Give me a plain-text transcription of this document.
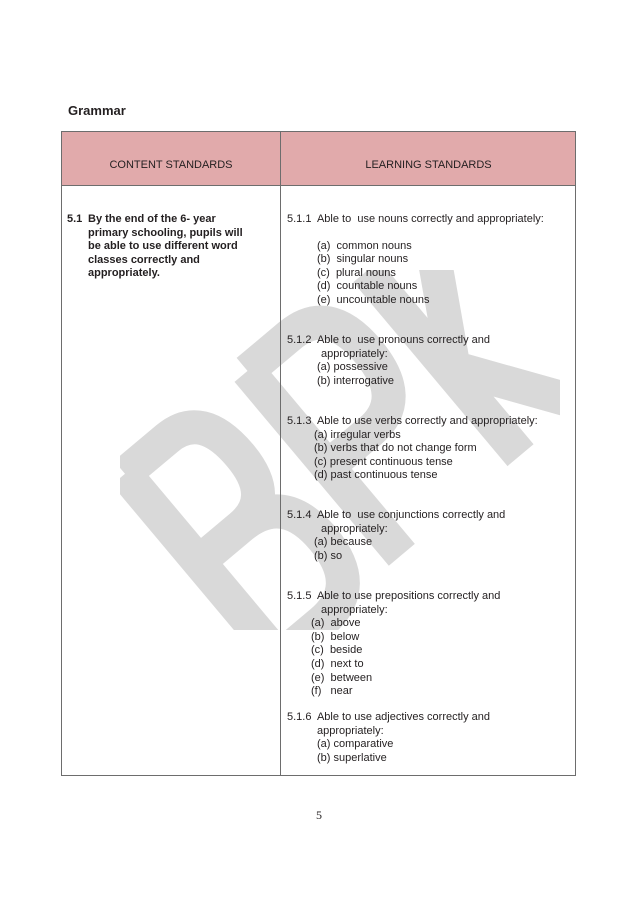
Grammar
CONTENT STANDARDS	LEARNING STANDARDS
5.1 By the end of the 6- year
primary schooling, pupils will
be able to use different word
classes correctly and
appropriately.
5.1.1  Able to  use nouns correctly and appropriately:
(a)  common nouns
(b)  singular nouns
(c)  plural nouns
(d)  countable nouns
(e)  uncountable nouns
5.1.2  Able to  use pronouns correctly and
appropriately:
(a) possessive
(b) interrogative
5.1.3  Able to use verbs correctly and appropriately:
(a) irregular verbs
(b) verbs that do not change form
(c) present continuous tense
(d) past continuous tense
5.1.4  Able to  use conjunctions correctly and
appropriately:
(a) because
(b) so
5.1.5  Able to use prepositions correctly and
appropriately:
(a)  above
(b)  below
(c)  beside
(d)  next to
(e)  between
(f)   near
5.1.6  Able to use adjectives correctly and
appropriately:
(a) comparative
(b) superlative
5
